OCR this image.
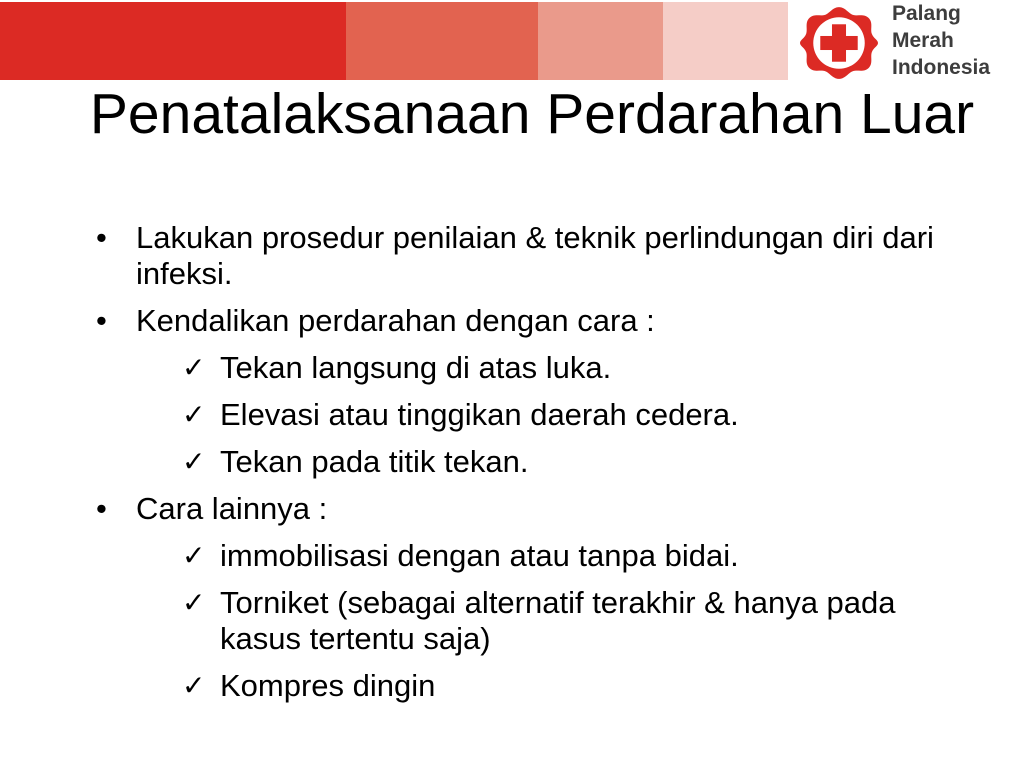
Palang
Merah
Indonesia
Penatalaksanaan Perdarahan Luar
• Lakukan prosedur penilaian & teknik perlindungan diri dari infeksi.
• Kendalikan perdarahan dengan cara :
✓ Tekan langsung di atas luka.
✓ Elevasi atau tinggikan daerah cedera.
✓ Tekan pada titik tekan.
• Cara lainnya :
✓ immobilisasi dengan atau tanpa bidai.
✓ Torniket (sebagai alternatif terakhir & hanya pada kasus tertentu saja)
✓ Kompres dingin
